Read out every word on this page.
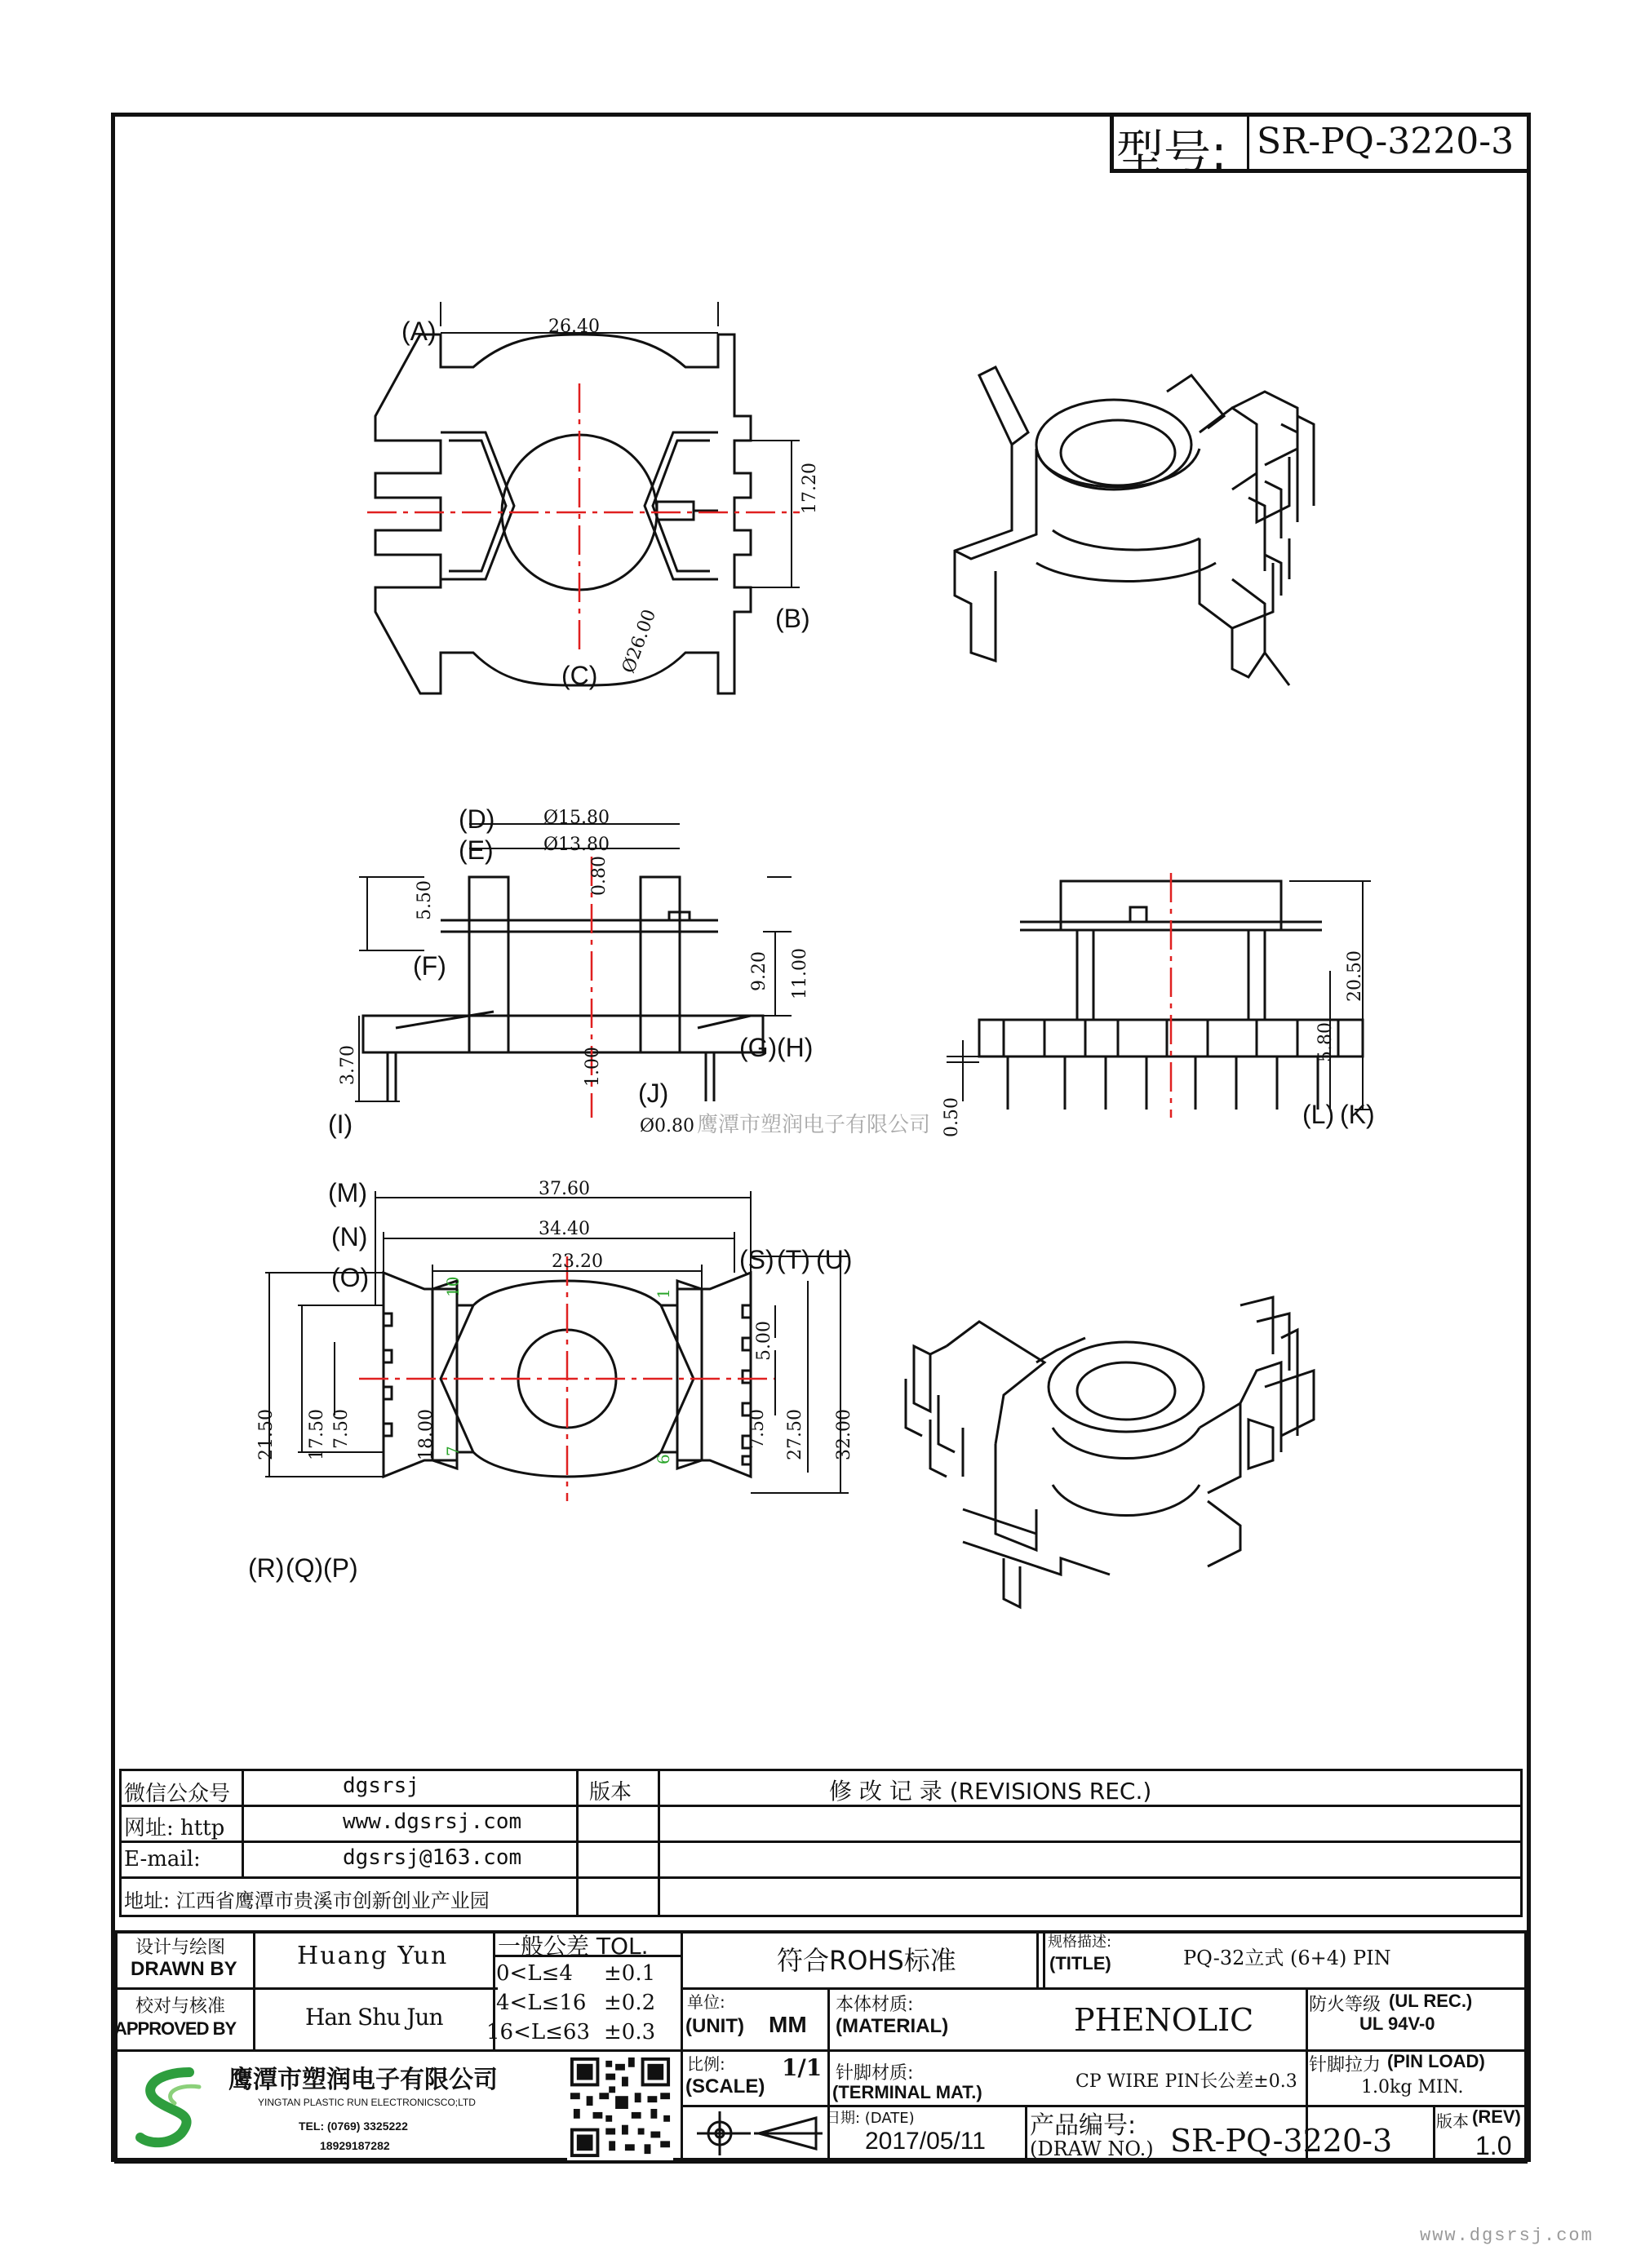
型号: SR-PQ-3220-3
26.40
17.20
Ø26.00
(A)
(B)
(C)
Ø15.80
Ø13.80
0.80
5.50
9.20 11.00
1.00
3.70
Ø0.80
(D)
(E)
(F)
(G) (H)
(I)
(J)
鹰潭市塑润电子有限公司
20.50
5.80
0.50	(L) (K)
10	1
7
6
37.60
34.40
23.20
21.50 17.50 7.50	18.00
5.00
7.50 27.50 32.00
(M)
(N)
(O)
(S) (T) (U)
(R) (Q) (P)
微信公众号	dgsrsj
网址: http	www.dgsrsj.com
E-mail:	dgsrsj@163.com
地址: 江西省鹰潭市贵溪市创新创业产业园
版本	修 改 记 录 (REVISIONS REC.)
设计与绘图
DRAWN BY Huang Yun
校对与核准
APPROVED BY	Han Shu Jun
一般公差 TOL.
0<L≤4 ±0.1
4<L≤16 ±0.2
16<L≤63 ±0.3
符合ROHS标准
规格描述:
(TITLE)	PQ-32立式 (6+4) PIN
防火等级 (UL REC.)
UL 94V-0
单位:
(UNIT) MM
本体材质:
(MATERIAL)	PHENOLIC
比例:
(SCALE)
1/1 针脚材质:
(TERMINAL MAT.)
CP WIRE PIN长公差±0.3
针脚拉力 (PIN LOAD)
1.0kg MIN.
日期: (DATE)
2017/05/11
产品编号:
(DRAW NO.) SR-PQ-3220-3
版本 (REV)
1.0
鹰潭市塑润电子有限公司
YINGTAN PLASTIC RUN ELECTRONICSCO;LTD
TEL: (0769) 3325222
18929187282
www.dgsrsj.com
